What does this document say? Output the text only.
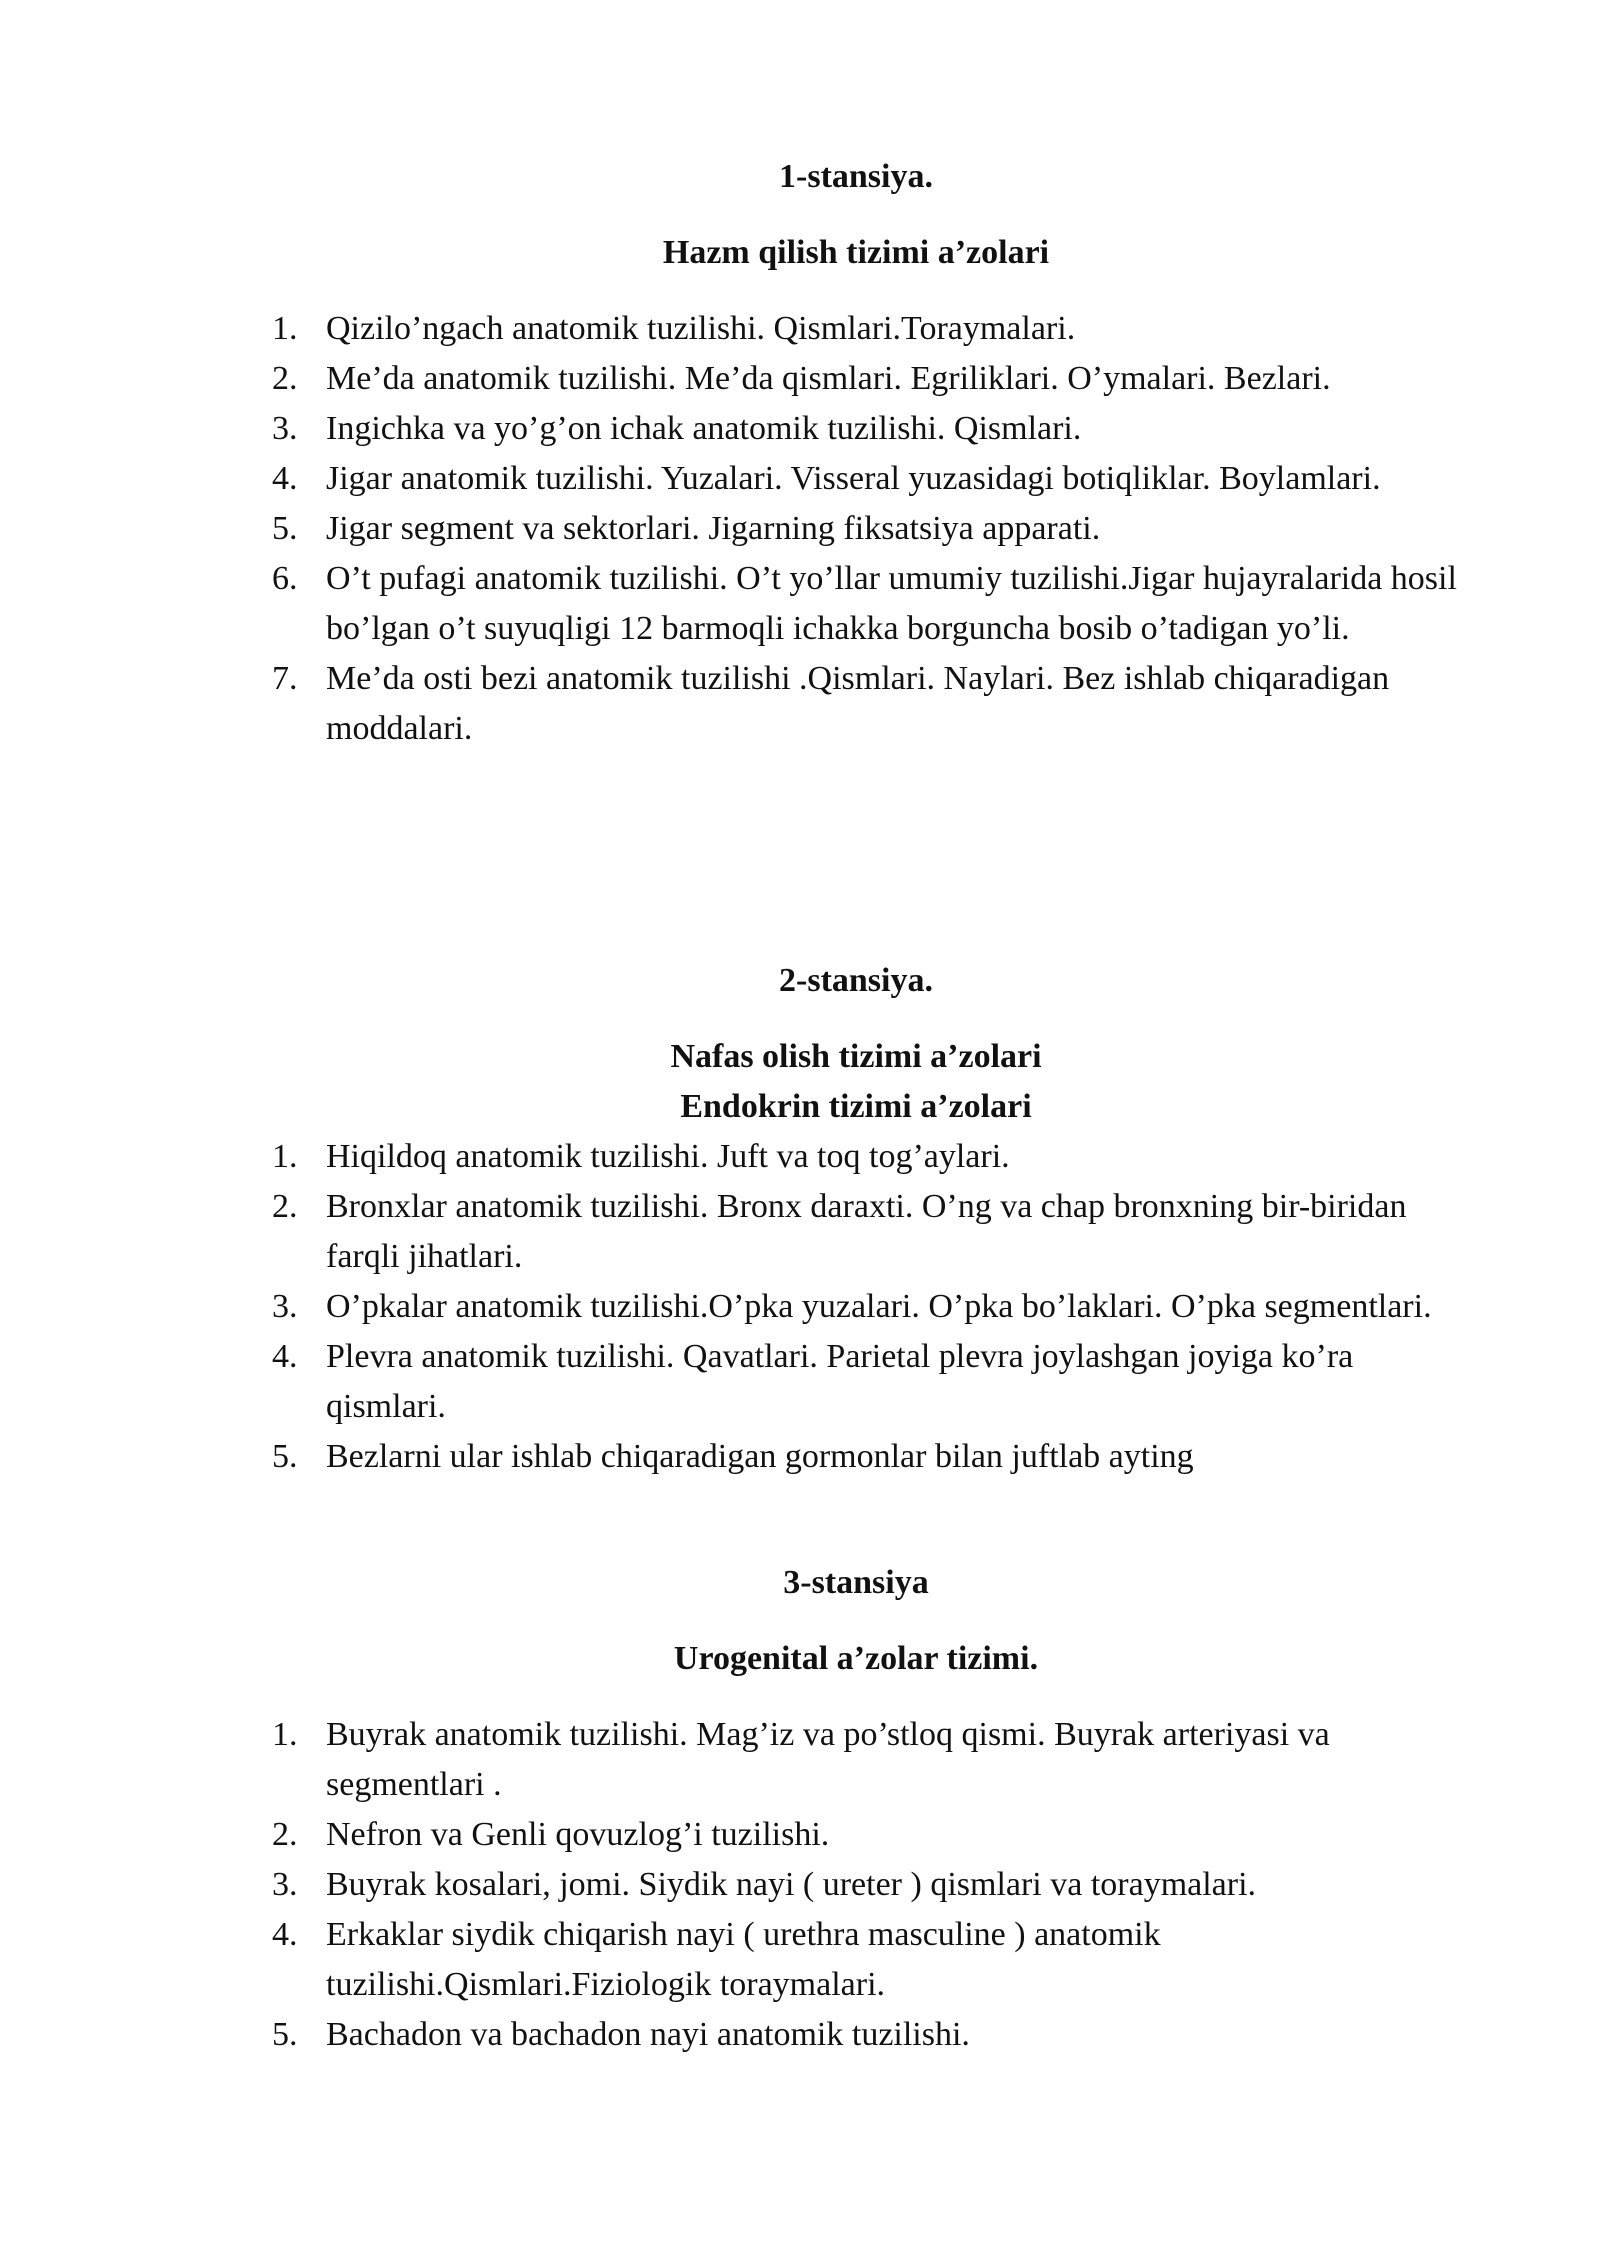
1-stansiya.
Hazm qilish tizimi a’zolari
1. Qizilo’ngach anatomik tuzilishi. Qismlari.Toraymalari.
2. Me’da anatomik tuzilishi. Me’da qismlari. Egriliklari. O’ymalari. Bezlari.
3. Ingichka va yo’g’on ichak anatomik tuzilishi. Qismlari.
4. Jigar anatomik tuzilishi. Yuzalari. Visseral yuzasidagi botiqliklar. Boylamlari.
5. Jigar segment va sektorlari. Jigarning fiksatsiya apparati.
6. O’t pufagi anatomik tuzilishi. O’t yo’llar umumiy tuzilishi.Jigar hujayralarida hosil bo’lgan o’t suyuqligi 12 barmoqli ichakka borguncha bosib o’tadigan yo’li.
7. Me’da osti bezi anatomik tuzilishi .Qismlari. Naylari. Bez ishlab chiqaradigan moddalari.
2-stansiya.
Nafas olish tizimi a’zolari
Endokrin tizimi a’zolari
1. Hiqildoq anatomik tuzilishi. Juft va toq tog’aylari.
2. Bronxlar anatomik tuzilishi. Bronx daraxti. O’ng va chap bronxning bir-biridan farqli jihatlari.
3. O’pkalar anatomik tuzilishi.O’pka yuzalari. O’pka bo’laklari. O’pka segmentlari.
4. Plevra anatomik tuzilishi. Qavatlari. Parietal plevra joylashgan joyiga ko’ra qismlari.
5. Bezlarni ular ishlab chiqaradigan gormonlar bilan juftlab ayting
3-stansiya
Urogenital a’zolar tizimi.
1. Buyrak anatomik tuzilishi. Mag’iz va po’stloq qismi. Buyrak arteriyasi va segmentlari .
2. Nefron va Genli qovuzlog’i tuzilishi.
3. Buyrak kosalari, jomi. Siydik nayi ( ureter ) qismlari va toraymalari.
4. Erkaklar siydik chiqarish nayi ( urethra masculine ) anatomik tuzilishi.Qismlari.Fiziologik toraymalari.
5. Bachadon va bachadon nayi anatomik tuzilishi.
